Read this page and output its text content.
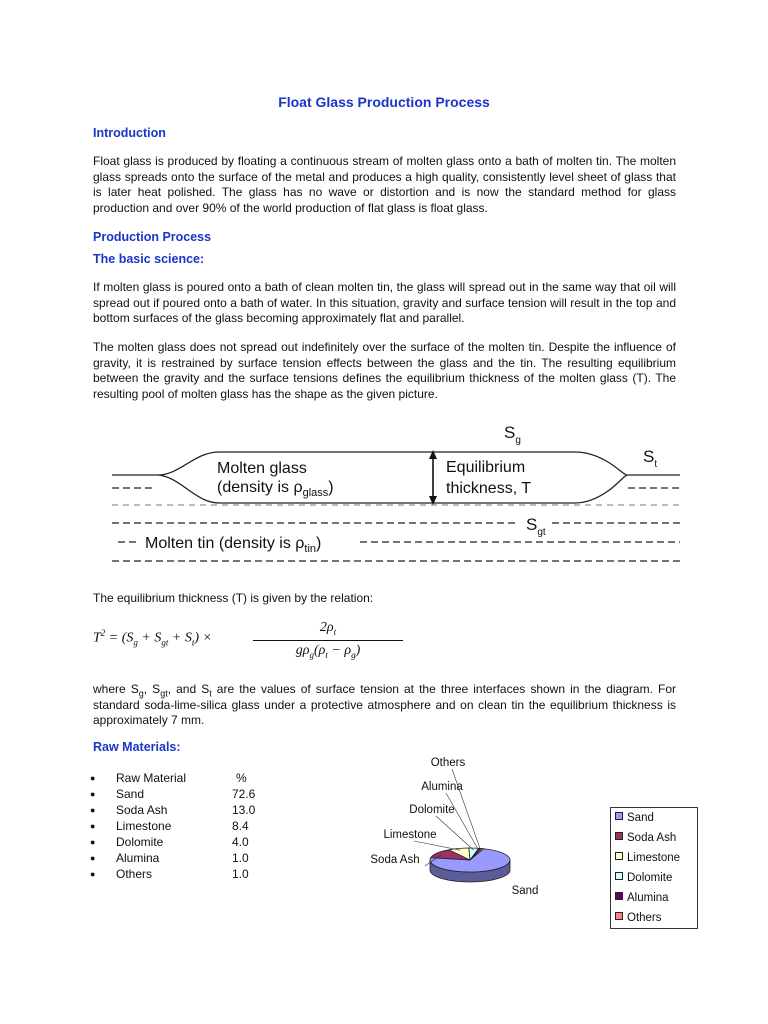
Float Glass Production Process
Introduction
Float glass is produced by floating a continuous stream of molten glass onto a bath of molten tin. The molten glass spreads onto the surface of the metal and produces a high quality, consistently level sheet of glass that is later heat polished. The glass has no wave or distortion and is now the standard method for glass production and over 90% of the world production of flat glass is float glass.
Production Process
The basic science:
If molten glass is poured onto a bath of clean molten tin, the glass will spread out in the same way that oil will spread out if poured onto a bath of water. In this situation, gravity and surface tension will result in the top and bottom surfaces of the glass becoming approximately flat and parallel.
The molten glass does not spread out indefinitely over the surface of the molten tin. Despite the influence of gravity, it is restrained by surface tension effects between the glass and the tin. The resulting equilibrium between the gravity and the surface tensions defines the equilibrium thickness of the molten glass (T). The resulting pool of molten glass has the shape as the given picture.
$S_g$
$S_t$
$S_{gt}$
Molten glass
(density is $\rho_{glass}$)
Equilibrium
thickness, T
Molten tin (density is $\rho_{tin}$)
The equilibrium thickness (T) is given by the relation:
$T^2 = (S_g + S_{gt} + S_t)$ ×
$2\rho_t$
$g\rho_g(\rho_t - \rho_g)$
where $S_g$, $S_{gt}$, and $S_t$ are the values of surface tension at the three interfaces shown in the diagram. For standard soda-lime-silica glass under a protective atmosphere and on clean tin the equilibrium thickness is approximately 7 mm.
Raw Materials:
● Raw Material	%
● Sand	72.6
● Soda Ash	13.0
● Limestone	8.4
● Dolomite	4.0
● Alumina	1.0
● Others	1.0
Others
Alumina
Dolomite
Limestone
Soda Ash
Sand
Sand
Soda Ash
Limestone
Dolomite
Alumina
Others
